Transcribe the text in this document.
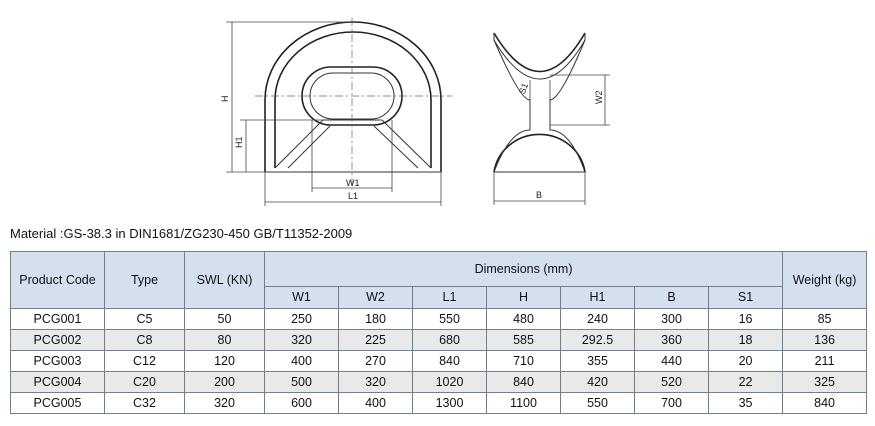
H
H1
W1
L1
S1
W2
B
Material :GS-38.3 in DIN1681/ZG230-450 GB/T11352-2009
Product Code	Type	SWL (KN)	Dimensions (mm)							Weight (kg)
			W1	W2	L1	H	H1	B	S1	
PCG001	C5	50	250	180	550	480	240	300	16	85
PCG002	C8	80	320	225	680	585	292.5	360	18	136
PCG003	C12	120	400	270	840	710	355	440	20	211
PCG004	C20	200	500	320	1020	840	420	520	22	325
PCG005	C32	320	600	400	1300	1100	550	700	35	840
